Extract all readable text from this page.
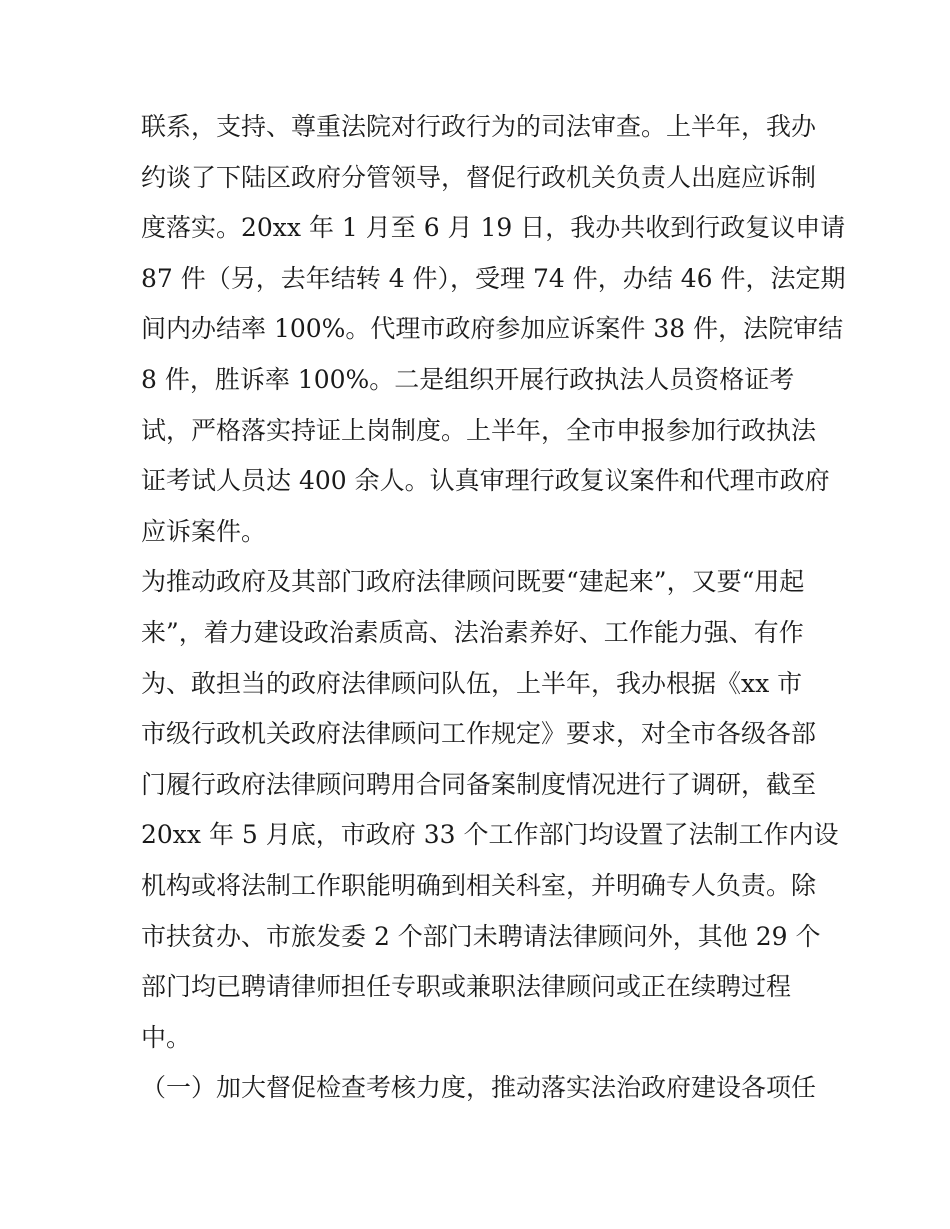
联系，支持、尊重法院对行政行为的司法审查。上半年，我办
约谈了下陆区政府分管领导，督促行政机关负责人出庭应诉制
度落实。20xx 年 1 月至 6 月 19 日，我办共收到行政复议申请
87 件（另，去年结转 4 件），受理 74 件，办结 46 件，法定期
间内办结率 100%。代理市政府参加应诉案件 38 件，法院审结
8 件，胜诉率 100%。二是组织开展行政执法人员资格证考
试，严格落实持证上岗制度。上半年，全市申报参加行政执法
证考试人员达 400 余人。认真审理行政复议案件和代理市政府
应诉案件。
为推动政府及其部门政府法律顾问既要“建起来”，又要“用起
来”，着力建设政治素质高、法治素养好、工作能力强、有作
为、敢担当的政府法律顾问队伍，上半年，我办根据《xx 市
市级行政机关政府法律顾问工作规定》要求，对全市各级各部
门履行政府法律顾问聘用合同备案制度情况进行了调研，截至
20xx 年 5 月底，市政府 33 个工作部门均设置了法制工作内设
机构或将法制工作职能明确到相关科室，并明确专人负责。除
市扶贫办、市旅发委 2 个部门未聘请法律顾问外，其他 29 个
部门均已聘请律师担任专职或兼职法律顾问或正在续聘过程
中。
（一）加大督促检查考核力度，推动落实法治政府建设各项任
